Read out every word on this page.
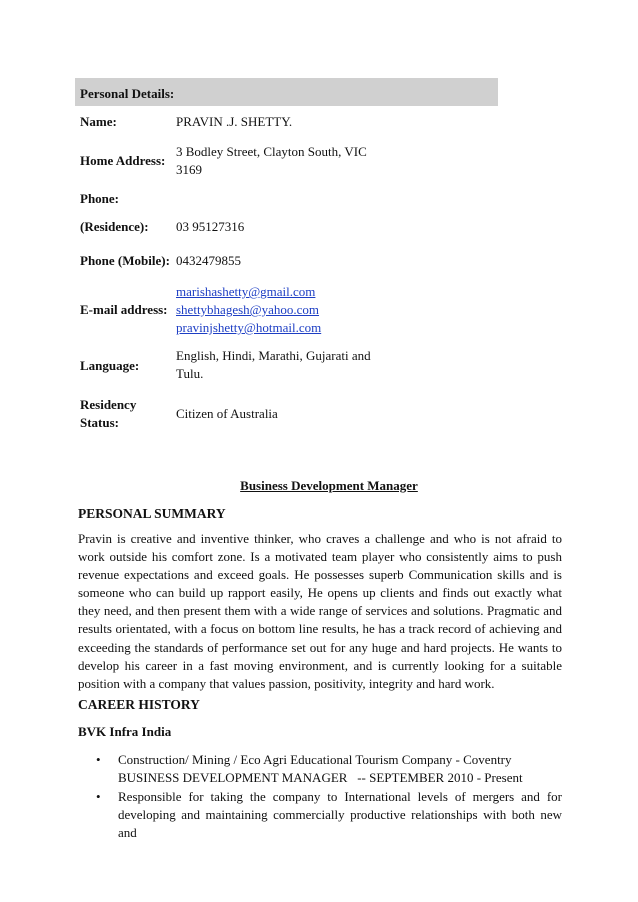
Personal Details:
Name:	PRAVIN .J. SHETTY.
Home Address:
3 Bodley Street, Clayton South, VIC
3169
Phone:
(Residence): 03 95127316
Phone (Mobile): 0432479855
E-mail address:
marishashetty@gmail.com
shettybhagesh@yahoo.com
pravinjshetty@hotmail.com
Language:
English, Hindi, Marathi, Gujarati and
Tulu.
Residency
Status:
Citizen of Australia
Business Development Manager
PERSONAL SUMMARY
Pravin is creative and inventive thinker, who craves a challenge and who is not afraid to work outside his comfort zone. Is a motivated team player who consistently aims to push revenue expectations and exceed goals. He possesses superb Communication skills and is someone who can build up rapport easily, He opens up clients and finds out exactly what they need, and then present them with a wide range of services and solutions. Pragmatic and results orientated, with a focus on bottom line results, he has a track record of achieving and exceeding the standards of performance set out for any huge and hard projects. He wants to develop his career in a fast moving environment, and is currently looking for a suitable position with a company that values passion, positivity, integrity and hard work.
CAREER HISTORY
BVK Infra India
• Construction/ Mining / Eco Agri Educational Tourism Company - Coventry
BUSINESS DEVELOPMENT MANAGER   -- SEPTEMBER 2010 - Present
• Responsible for taking the company to International levels of mergers and for developing and maintaining commercially productive relationships with both new and
